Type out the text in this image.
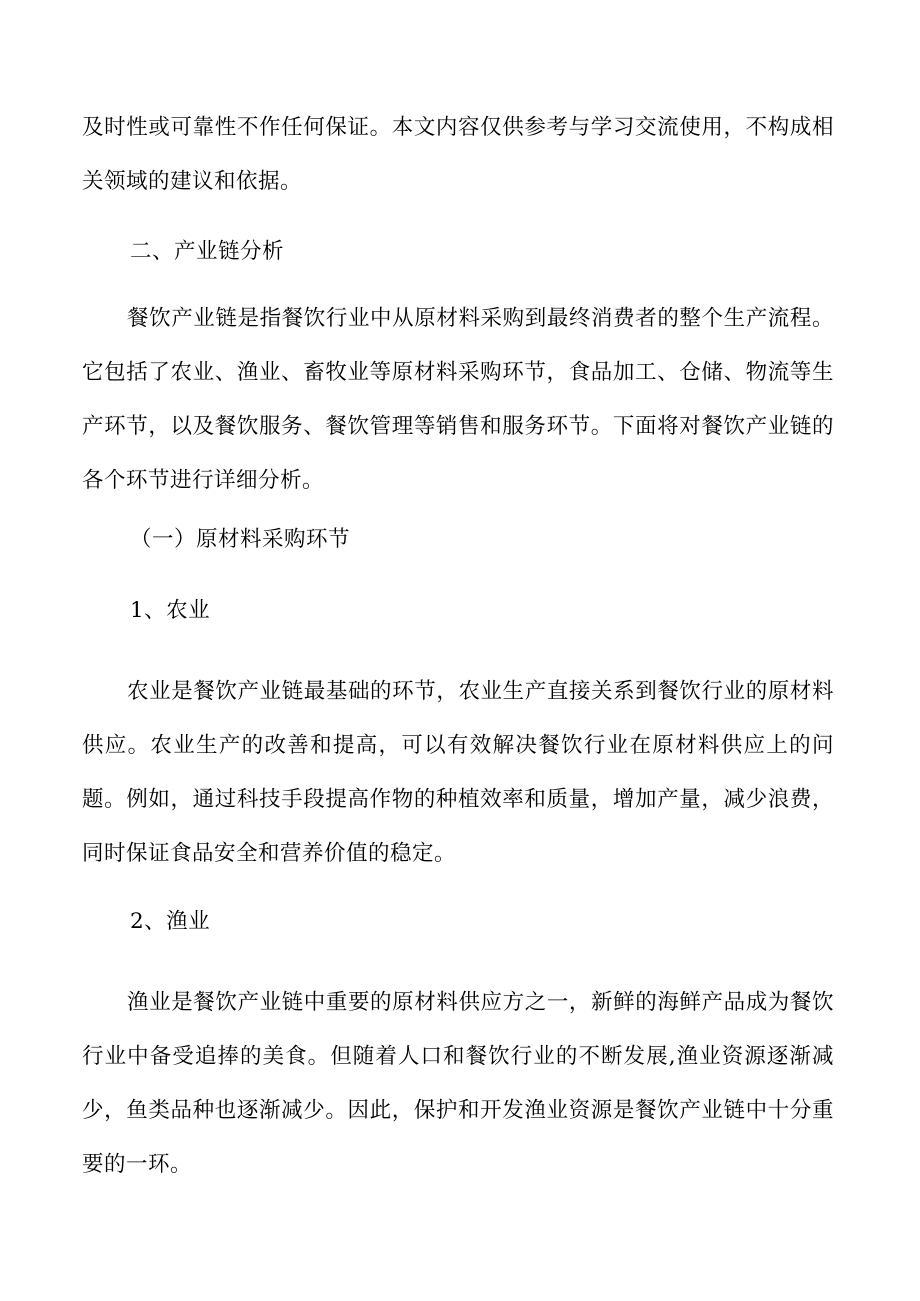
及时性或可靠性不作任何保证。本文内容仅供参考与学习交流使用，不构成相关领域的建议和依据。

二、产业链分析

餐饮产业链是指餐饮行业中从原材料采购到最终消费者的整个生产流程。它包括了农业、渔业、畜牧业等原材料采购环节，食品加工、仓储、物流等生产环节，以及餐饮服务、餐饮管理等销售和服务环节。下面将对餐饮产业链的各个环节进行详细分析。

（一）原材料采购环节

1、农业

农业是餐饮产业链最基础的环节，农业生产直接关系到餐饮行业的原材料供应。农业生产的改善和提高，可以有效解决餐饮行业在原材料供应上的问题。例如，通过科技手段提高作物的种植效率和质量，增加产量，减少浪费，同时保证食品安全和营养价值的稳定。

2、渔业

渔业是餐饮产业链中重要的原材料供应方之一，新鲜的海鲜产品成为餐饮行业中备受追捧的美食。但随着人口和餐饮行业的不断发展,渔业资源逐渐减少，鱼类品种也逐渐减少。因此，保护和开发渔业资源是餐饮产业链中十分重要的一环。
